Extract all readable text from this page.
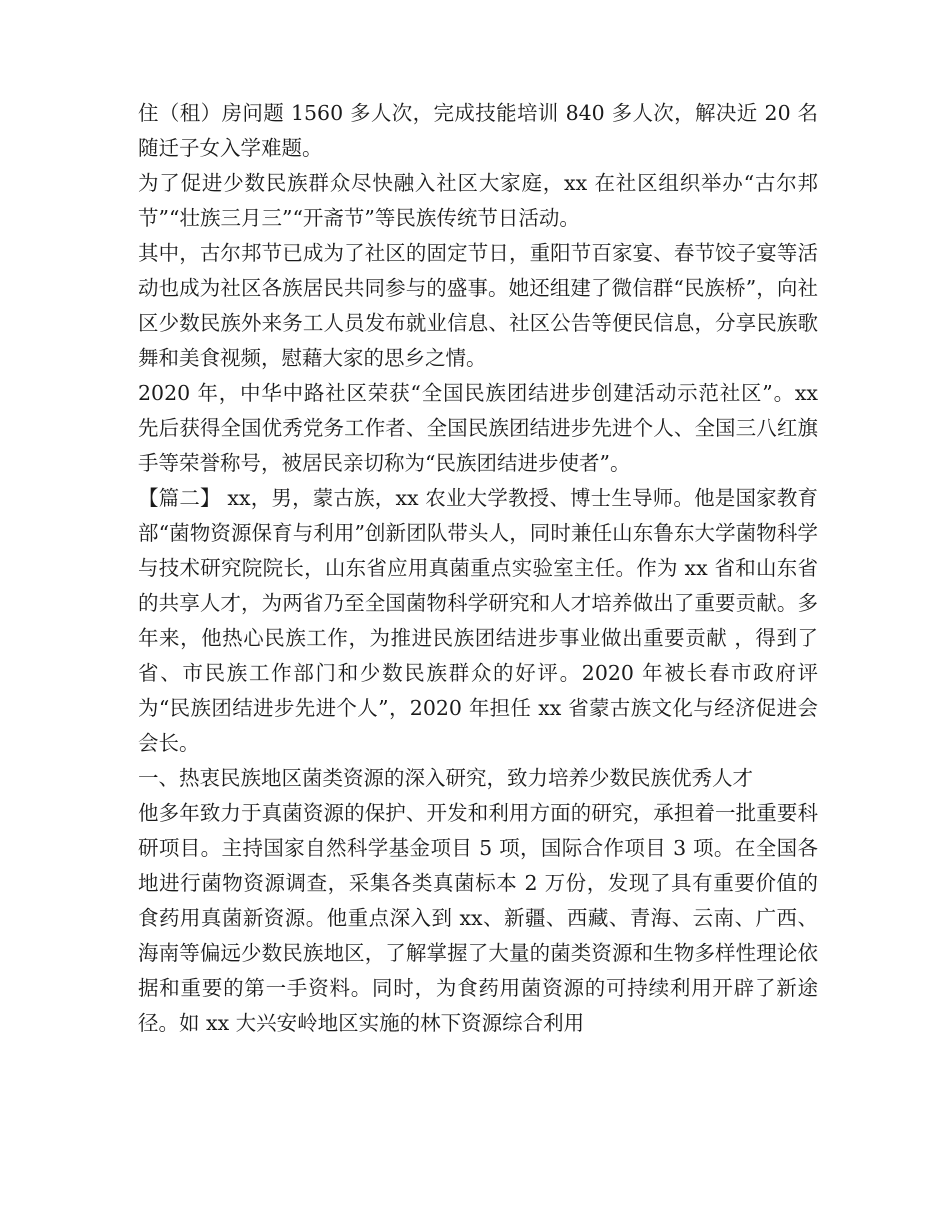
住（租）房问题 1560 多人次，完成技能培训 840 多人次，解决近 20 名随迁子女入学难题。

为了促进少数民族群众尽快融入社区大家庭，xx 在社区组织举办“古尔邦节”“壮族三月三”“开斋节”等民族传统节日活动。

其中，古尔邦节已成为了社区的固定节日，重阳节百家宴、春节饺子宴等活动也成为社区各族居民共同参与的盛事。她还组建了微信群“民族桥”，向社区少数民族外来务工人员发布就业信息、社区公告等便民信息，分享民族歌舞和美食视频，慰藉大家的思乡之情。

2020 年，中华中路社区荣获“全国民族团结进步创建活动示范社区”。xx 先后获得全国优秀党务工作者、全国民族团结进步先进个人、全国三八红旗手等荣誉称号，被居民亲切称为“民族团结进步使者”。

【篇二】 xx，男，蒙古族，xx 农业大学教授、博士生导师。他是国家教育部“菌物资源保育与利用”创新团队带头人，同时兼任山东鲁东大学菌物科学与技术研究院院长，山东省应用真菌重点实验室主任。作为 xx 省和山东省的共享人才，为两省乃至全国菌物科学研究和人才培养做出了重要贡献。多年来，他热心民族工作，为推进民族团结进步事业做出重要贡献 ，得到了省、市民族工作部门和少数民族群众的好评。2020 年被长春市政府评为“民族团结进步先进个人”，2020 年担任 xx 省蒙古族文化与经济促进会会长。

一、热衷民族地区菌类资源的深入研究，致力培养少数民族优秀人才

他多年致力于真菌资源的保护、开发和利用方面的研究，承担着一批重要科研项目。主持国家自然科学基金项目 5 项，国际合作项目 3 项。在全国各地进行菌物资源调查，采集各类真菌标本 2 万份，发现了具有重要价值的食药用真菌新资源。他重点深入到 xx、新疆、西藏、青海、云南、广西、海南等偏远少数民族地区，了解掌握了大量的菌类资源和生物多样性理论依据和重要的第一手资料。同时，为食药用菌资源的可持续利用开辟了新途径。如 xx 大兴安岭地区实施的林下资源综合利用
